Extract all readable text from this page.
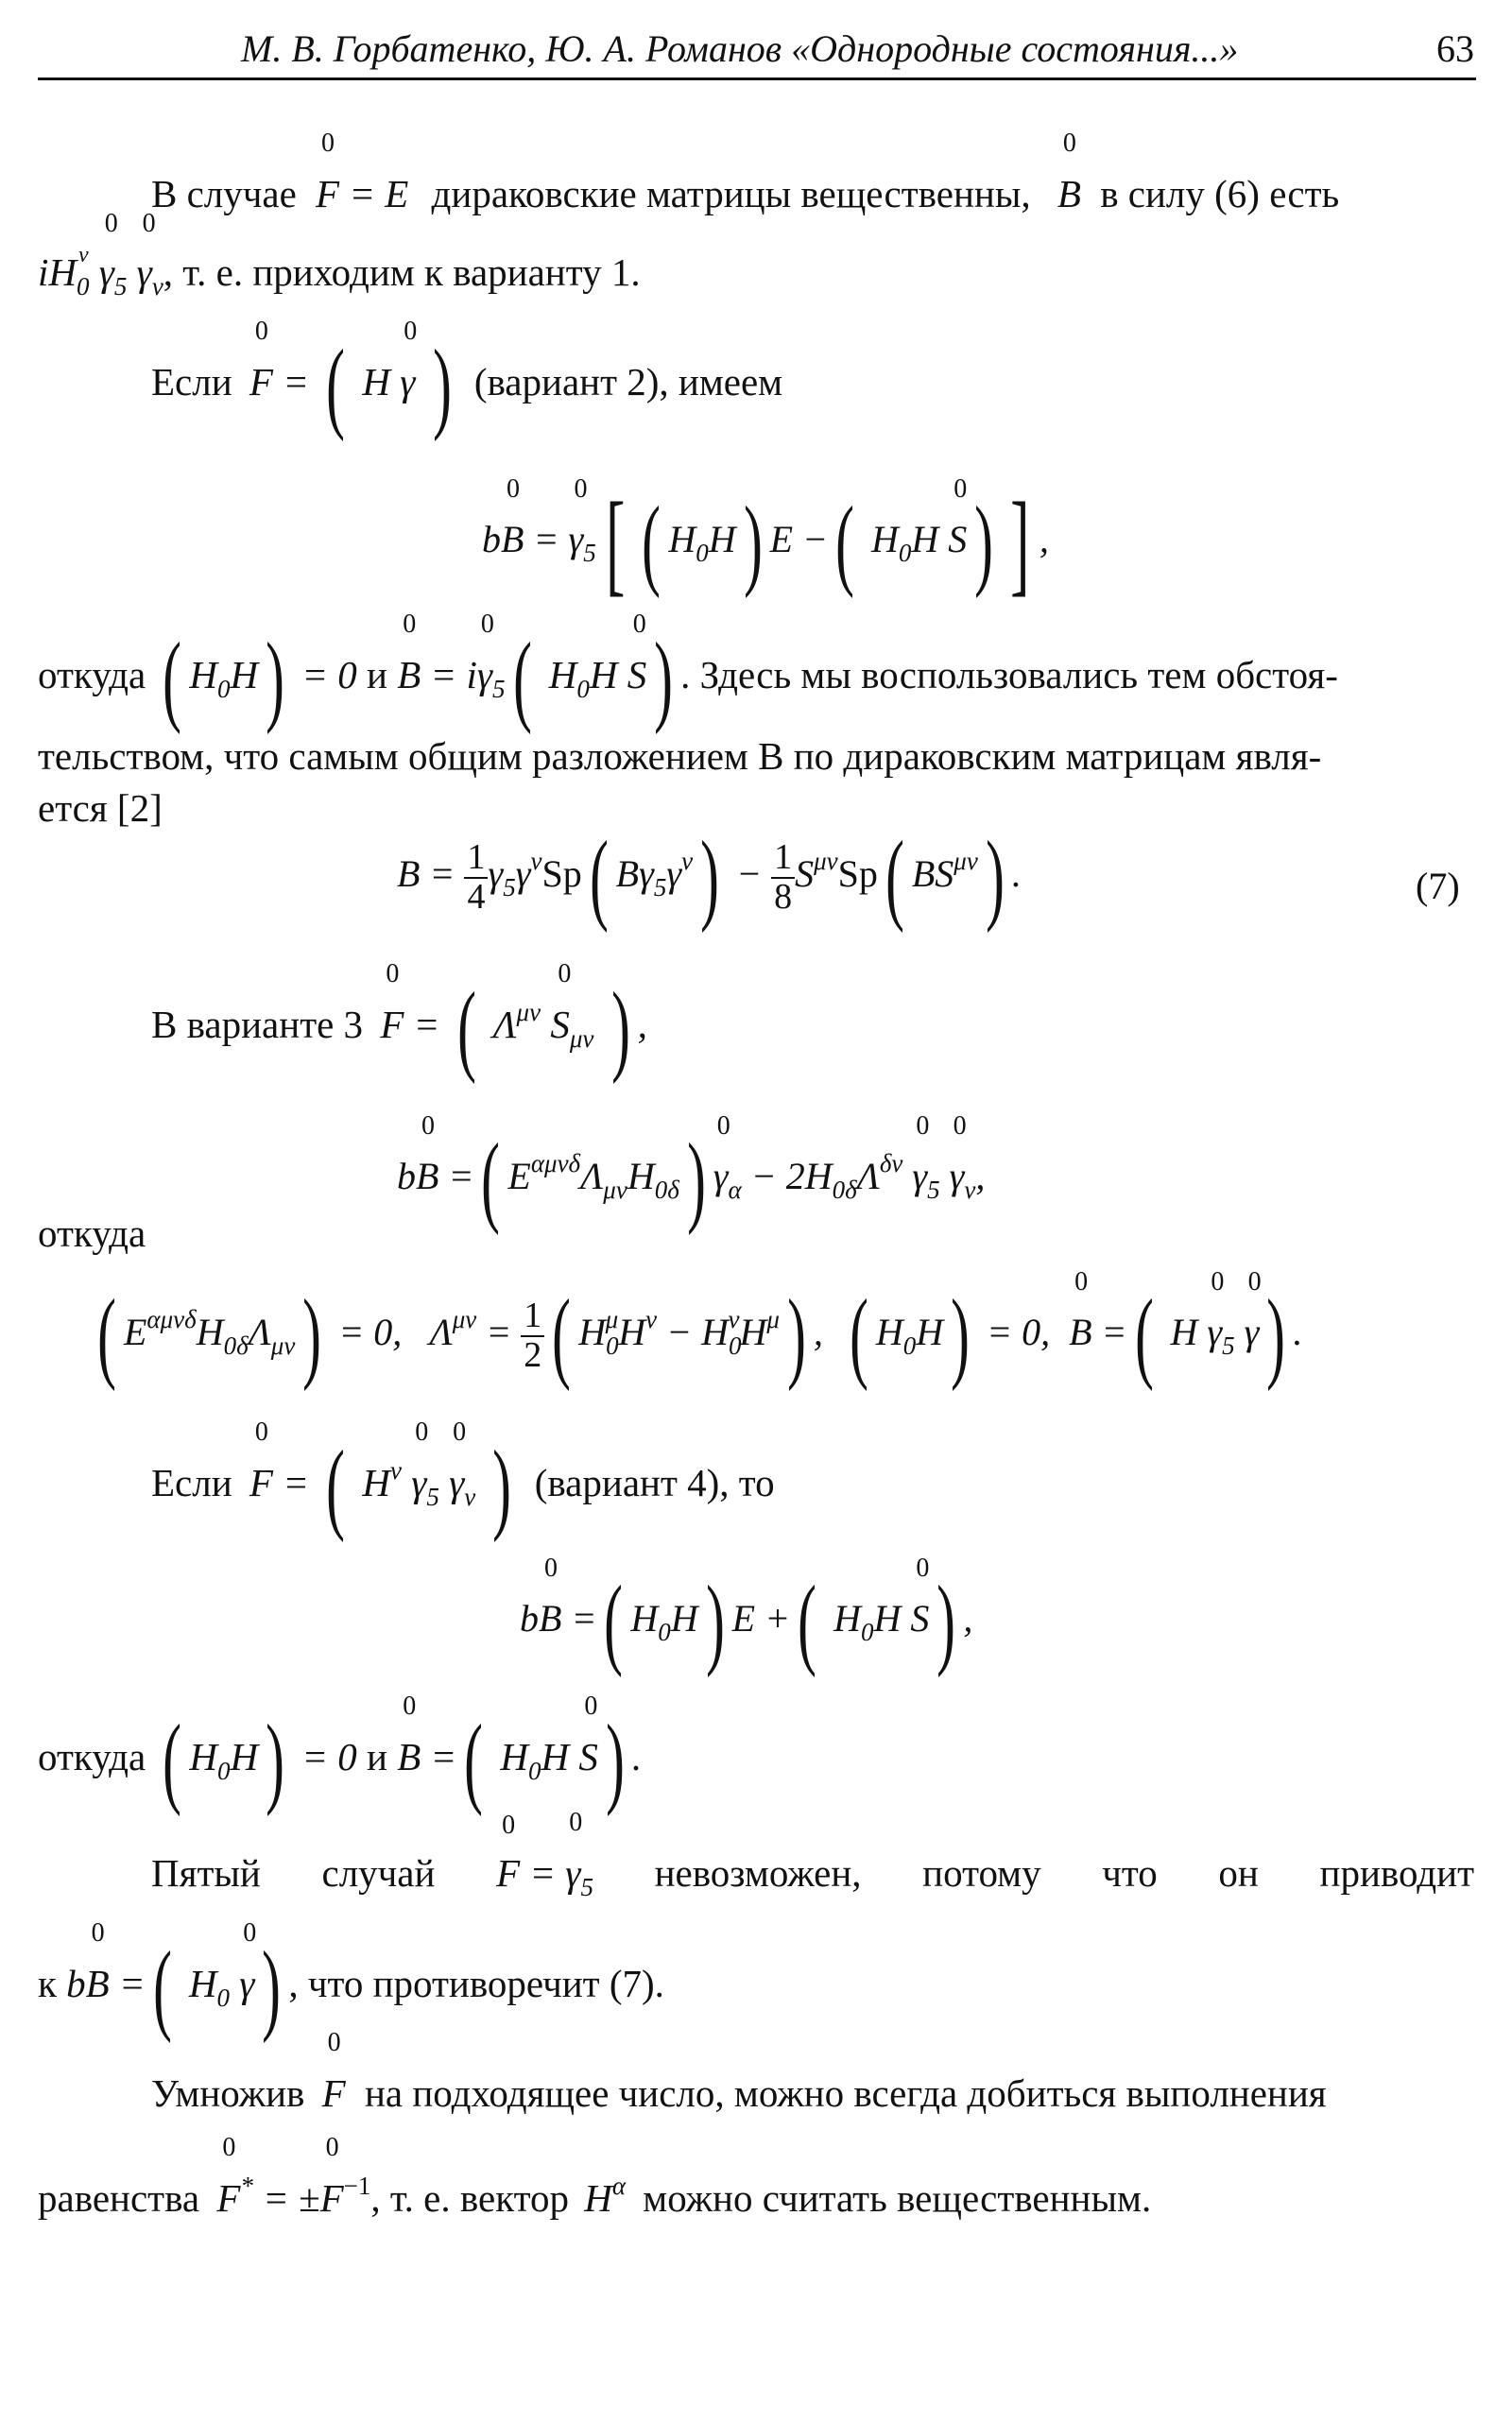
М. В. Горбатенко, Ю. А. Романов «Однородные состояния...»	63
В случае
0
F = E дираковские матрицы вещественны,
0
B в силу (6) есть
$iH_{0 \nu}$

0
$\gamma_5$
0
$\gamma_\nu$, т. е. приходим к варианту 1.
Если
0
F = ( H
0
γ ) (вариант 2), имеем
b
0
B =
0
$\gamma_5$[ ( $H_0H$) E −( $H_0H$
0
S) ] ,
откуда ( $H_0H) = 0$ и
0
B = i
0
$\gamma_5$( $H_0H$
0
S) . Здесь мы воспользовались тем обстоя-
тельством, что самым общим разложением B по дираковским матрицам явля-
ется [2]
$B = \frac{1}{4} \gamma_5\gamma^\nu Sp$( $B\gamma_5\gamma^\nu) - \frac{1}{8} S^{\mu\nu}Sp$( $BS^{\mu\nu}$) .	(7)
В варианте 3
0
F = ( $\Lambda^{\mu\nu}$
0
$S_{\mu\nu}$ ) ,
b
0
B =( $E^{\alpha\mu\nu\delta}\Lambda_{\mu\nu}H_{0\delta}$) 0
$\gamma_\alpha - 2H_{0\delta}\Lambda^{\delta\nu}$
0
$\gamma_5$
0
$\gamma_\nu$,
откуда
( $E^{\alpha\mu\nu\delta}H_{0\delta}\Lambda_{\mu\nu}) = 0$,   $\Lambda^{\mu\nu} = \frac{1}{2}$ ( $H_0^\mu H^\nu - H_0^\nu H^\mu$) ,  ( $H_0H) = 0$,
0
B =( H
0
$\gamma_5$
0
γ) .
Если
0
F = ( $H^\nu$
0
$\gamma_5$
0
$\gamma_\nu$ ) (вариант 4), то
b
0
B =( $H_0H$) E +( $H_0H$
0
S) ,
откуда ( $H_0H) = 0$ и
0
B =( $H_0H$
0
S) .
Пятый случай
0
F =
0
$\gamma_5$ невозможен, потому что он приводит
к b
0
B =( $H_0$
0
γ) , что противоречит (7).
Умножив
0
F на подходящее число, можно всегда добиться выполнения
равенства
0
F* = ±
0
$F^{-1}$, т. е. вектор $H^\alpha$ можно считать вещественным.
